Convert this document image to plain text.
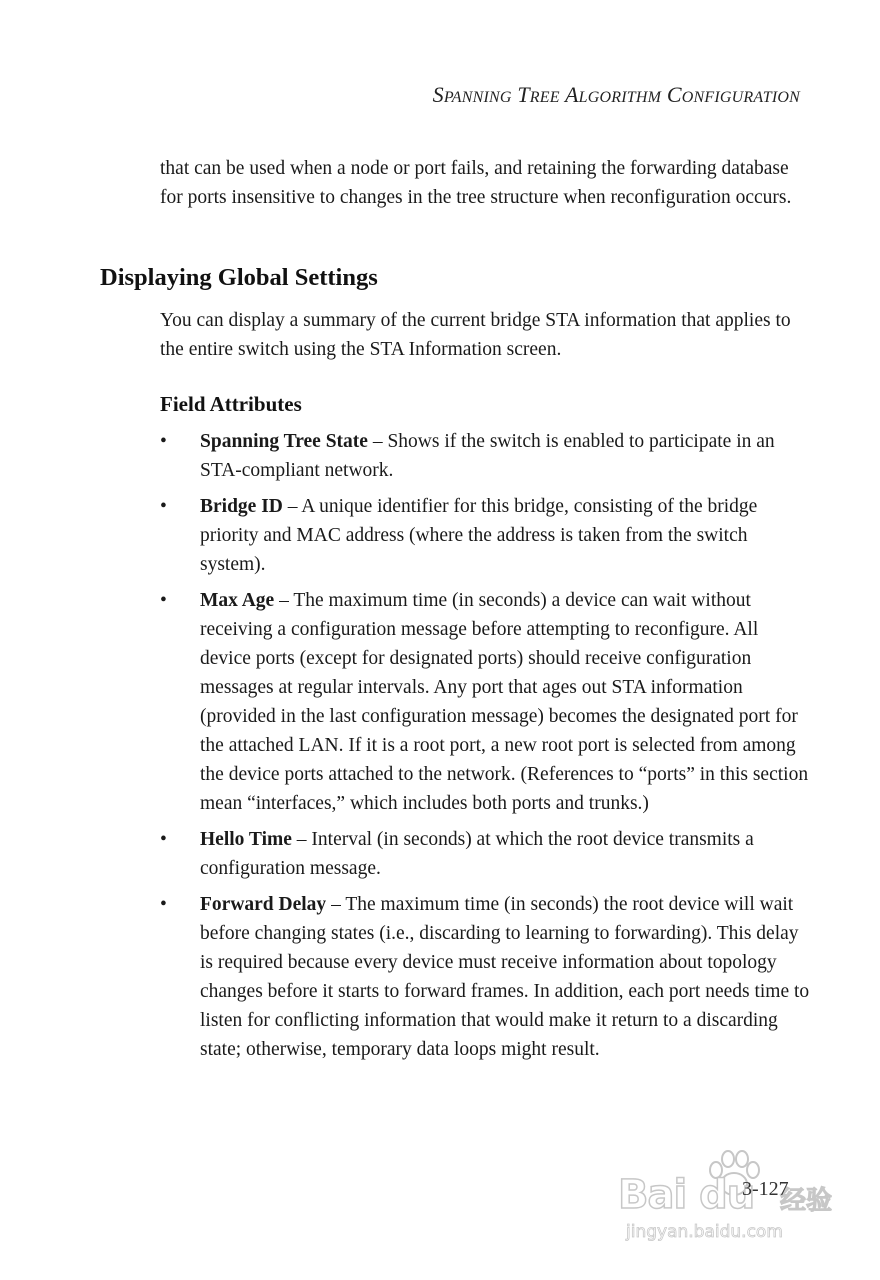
SPANNING TREE ALGORITHM CONFIGURATION

that can be used when a node or port fails, and retaining the forwarding database for ports insensitive to changes in the tree structure when reconfiguration occurs.

Displaying Global Settings

You can display a summary of the current bridge STA information that applies to the entire switch using the STA Information screen.

Field Attributes
• Spanning Tree State – Shows if the switch is enabled to participate in an STA-compliant network.
• Bridge ID – A unique identifier for this bridge, consisting of the bridge priority and MAC address (where the address is taken from the switch system).
• Max Age – The maximum time (in seconds) a device can wait without receiving a configuration message before attempting to reconfigure. All device ports (except for designated ports) should receive configuration messages at regular intervals. Any port that ages out STA information (provided in the last configuration message) becomes the designated port for the attached LAN. If it is a root port, a new root port is selected from among the device ports attached to the network. (References to “ports” in this section mean “interfaces,” which includes both ports and trunks.)
• Hello Time – Interval (in seconds) at which the root device transmits a configuration message.
• Forward Delay – The maximum time (in seconds) the root device will wait before changing states (i.e., discarding to learning to forwarding). This delay is required because every device must receive information about topology changes before it starts to forward frames. In addition, each port needs time to listen for conflicting information that would make it return to a discarding state; otherwise, temporary data loops might result.
Bai du 经验
jingyan.baidu.com
3-127
